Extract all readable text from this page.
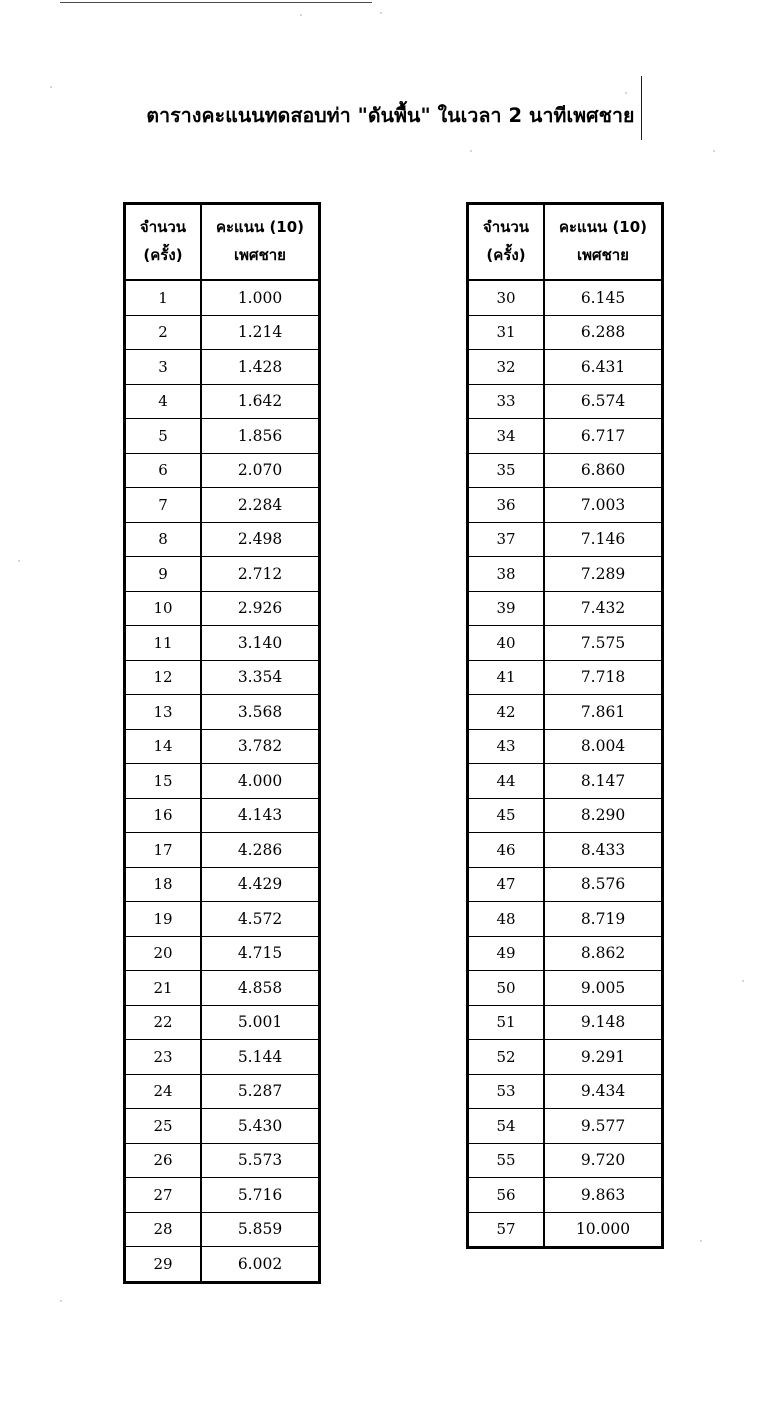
ตารางคะแนนทดสอบท่า "ดันพื้น" ในเวลา 2 นาทีเพศชาย
จำนวน
(ครั้ง)	คะแนน (10)
เพศชาย

1	1.000
2	1.214
3	1.428
4	1.642
5	1.856
6	2.070
7	2.284
8	2.498
9	2.712
10	2.926
11	3.140
12	3.354
13	3.568
14	3.782
15	4.000
16	4.143
17	4.286
18	4.429
19	4.572
20	4.715
21	4.858
22	5.001
23	5.144
24	5.287
25	5.430
26	5.573
27	5.716
28	5.859
29	6.002
จำนวน
(ครั้ง)	คะแนน (10)
เพศชาย

30	6.145
31	6.288
32	6.431
33	6.574
34	6.717
35	6.860
36	7.003
37	7.146
38	7.289
39	7.432
40	7.575
41	7.718
42	7.861
43	8.004
44	8.147
45	8.290
46	8.433
47	8.576
48	8.719
49	8.862
50	9.005
51	9.148
52	9.291
53	9.434
54	9.577
55	9.720
56	9.863
57	10.000
